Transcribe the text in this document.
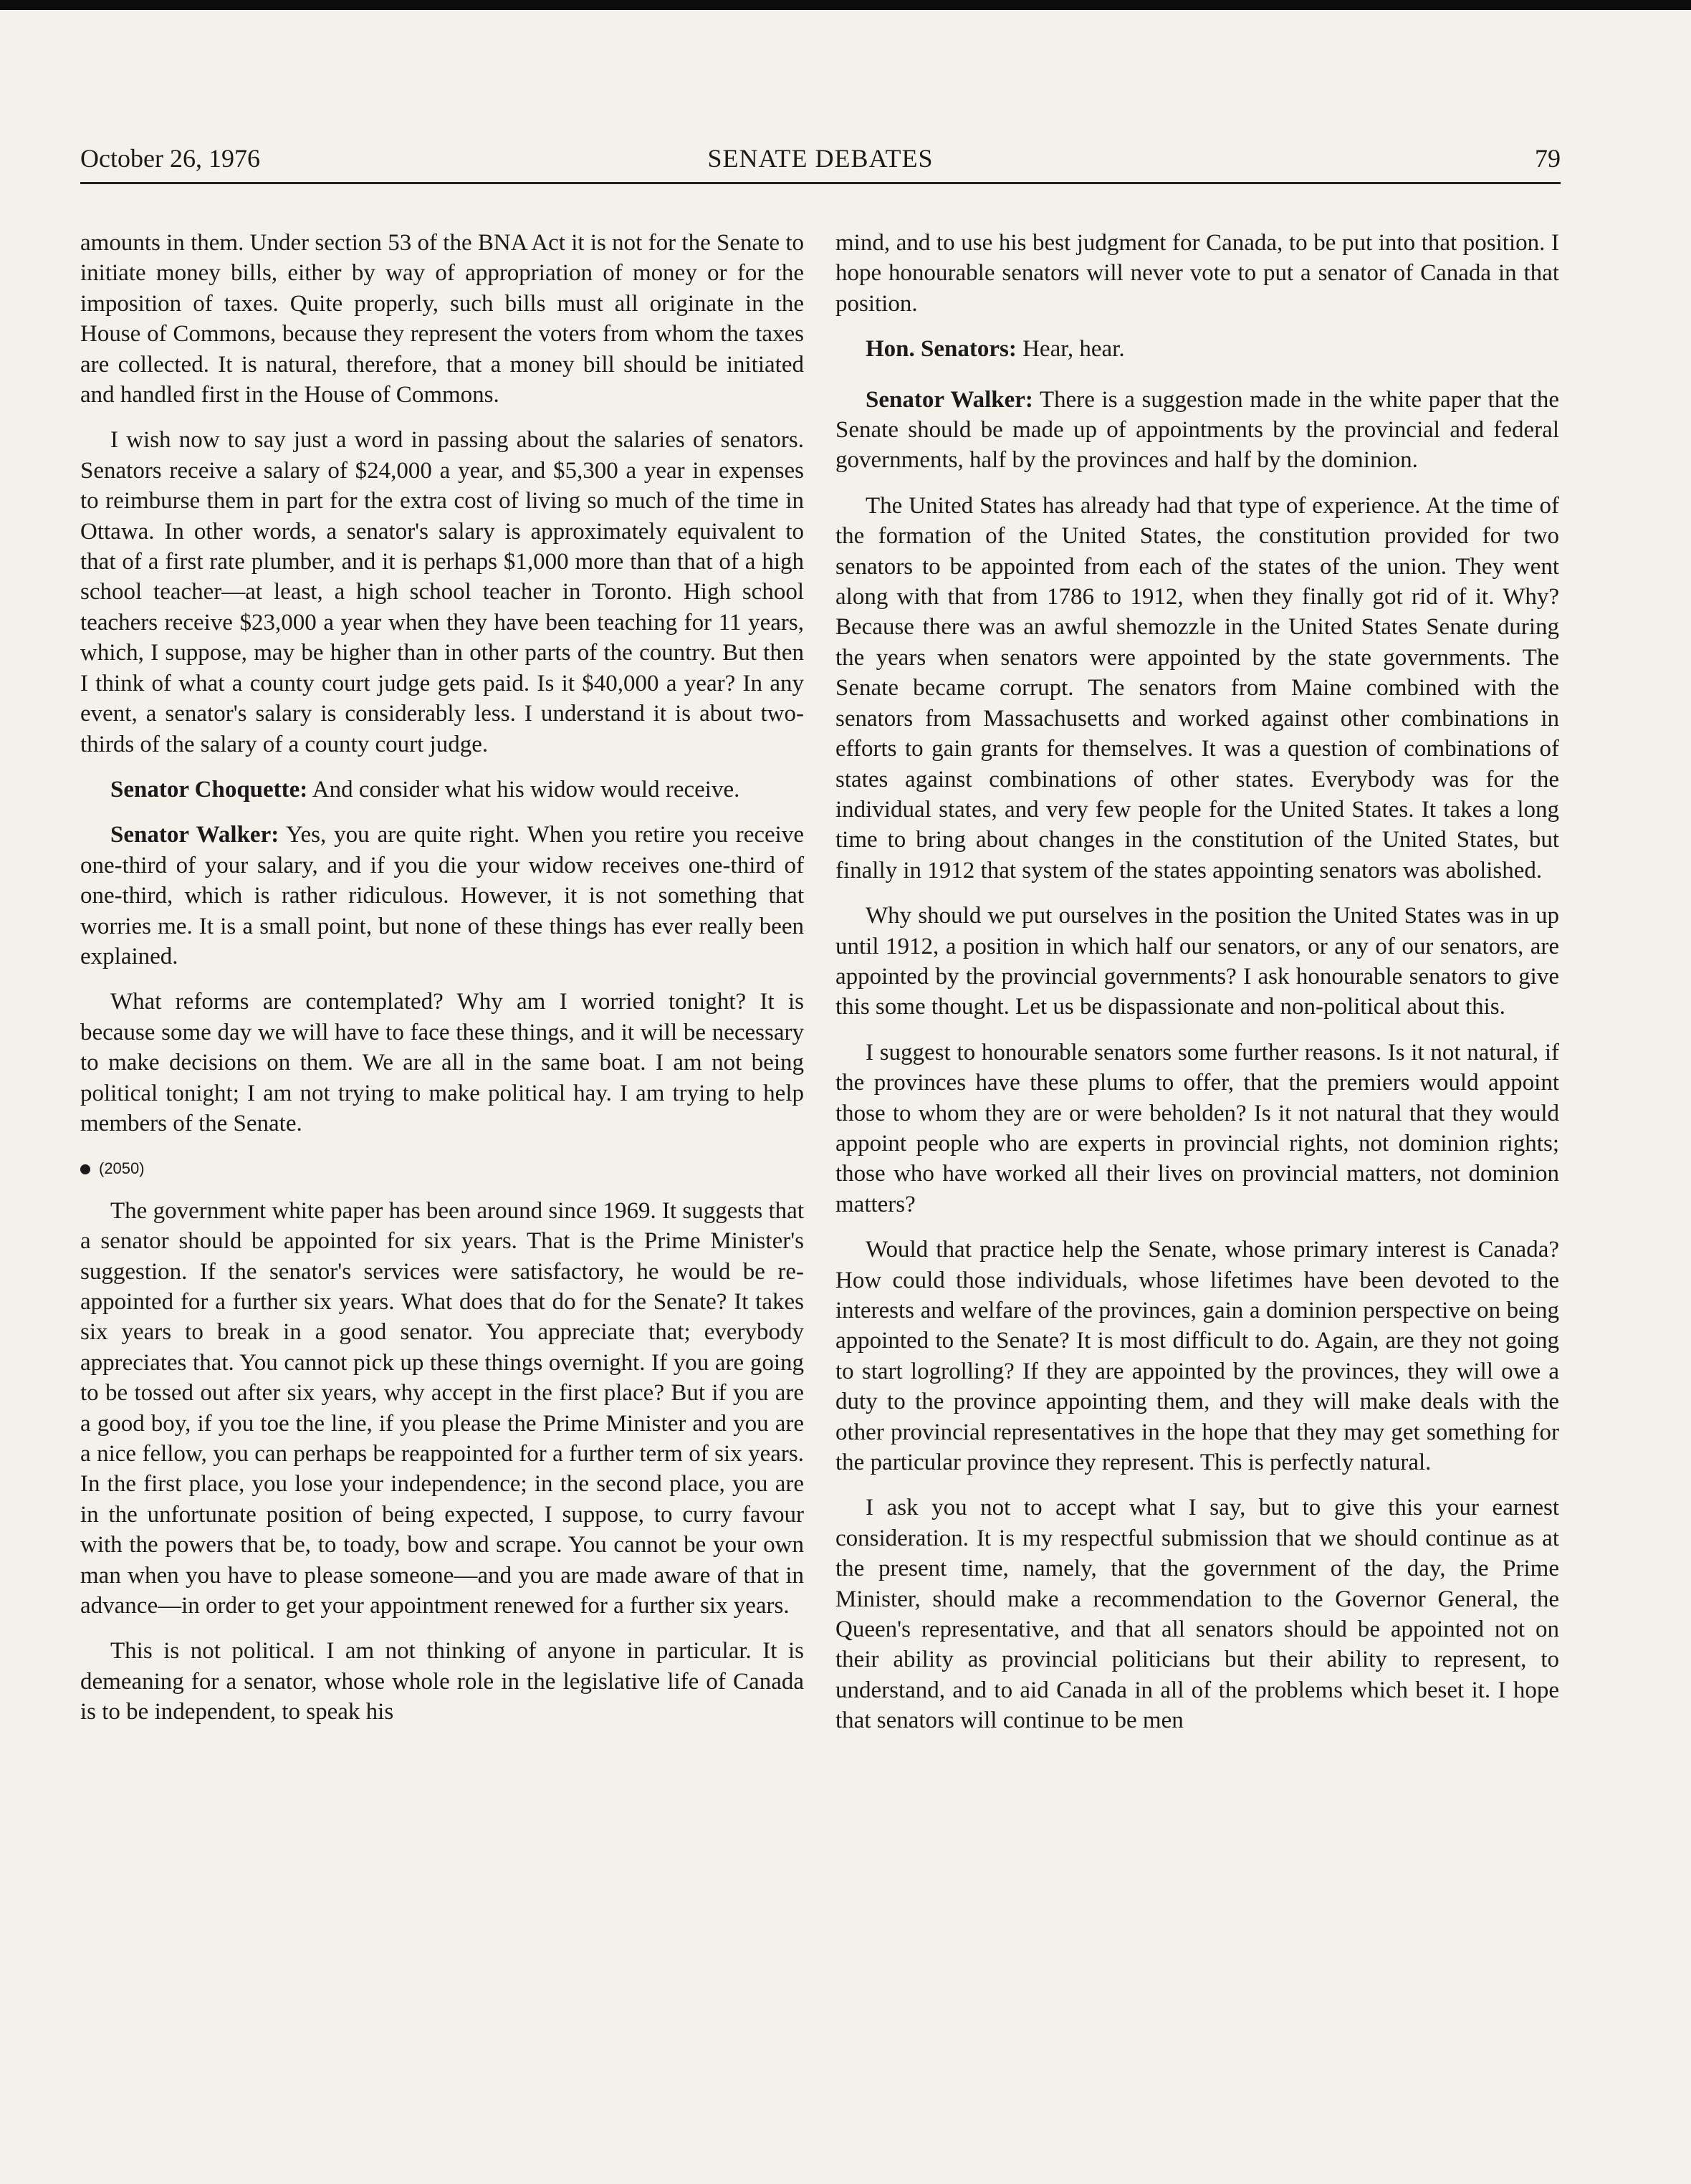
October 26, 1976	SENATE DEBATES	79

amounts in them. Under section 53 of the BNA Act it is not for the Senate to initiate money bills, either by way of appropriation of money or for the imposition of taxes. Quite properly, such bills must all originate in the House of Commons, because they represent the voters from whom the taxes are collected. It is natural, therefore, that a money bill should be initiated and handled first in the House of Commons.

I wish now to say just a word in passing about the salaries of senators. Senators receive a salary of $24,000 a year, and $5,300 a year in expenses to reimburse them in part for the extra cost of living so much of the time in Ottawa. In other words, a senator's salary is approximately equivalent to that of a first rate plumber, and it is perhaps $1,000 more than that of a high school teacher—at least, a high school teacher in Toronto. High school teachers receive $23,000 a year when they have been teaching for 11 years, which, I suppose, may be higher than in other parts of the country. But then I think of what a county court judge gets paid. Is it $40,000 a year? In any event, a senator's salary is considerably less. I understand it is about two-thirds of the salary of a county court judge.

Senator Choquette: And consider what his widow would receive.

Senator Walker: Yes, you are quite right. When you retire you receive one-third of your salary, and if you die your widow receives one-third of one-third, which is rather ridiculous. However, it is not something that worries me. It is a small point, but none of these things has ever really been explained.

What reforms are contemplated? Why am I worried tonight? It is because some day we will have to face these things, and it will be necessary to make decisions on them. We are all in the same boat. I am not being political tonight; I am not trying to make political hay. I am trying to help members of the Senate.

(2050)

The government white paper has been around since 1969. It suggests that a senator should be appointed for six years. That is the Prime Minister's suggestion. If the senator's services were satisfactory, he would be re-appointed for a further six years. What does that do for the Senate? It takes six years to break in a good senator. You appreciate that; everybody appreciates that. You cannot pick up these things overnight. If you are going to be tossed out after six years, why accept in the first place? But if you are a good boy, if you toe the line, if you please the Prime Minister and you are a nice fellow, you can perhaps be reappointed for a further term of six years. In the first place, you lose your independence; in the second place, you are in the unfortunate position of being expected, I suppose, to curry favour with the powers that be, to toady, bow and scrape. You cannot be your own man when you have to please someone—and you are made aware of that in advance—in order to get your appointment renewed for a further six years.

This is not political. I am not thinking of anyone in particular. It is demeaning for a senator, whose whole role in the legislative life of Canada is to be independent, to speak his

mind, and to use his best judgment for Canada, to be put into that position. I hope honourable senators will never vote to put a senator of Canada in that position.

Hon. Senators: Hear, hear.

Senator Walker: There is a suggestion made in the white paper that the Senate should be made up of appointments by the provincial and federal governments, half by the provinces and half by the dominion.

The United States has already had that type of experience. At the time of the formation of the United States, the constitution provided for two senators to be appointed from each of the states of the union. They went along with that from 1786 to 1912, when they finally got rid of it. Why? Because there was an awful shemozzle in the United States Senate during the years when senators were appointed by the state governments. The Senate became corrupt. The senators from Maine combined with the senators from Massachusetts and worked against other combinations in efforts to gain grants for themselves. It was a question of combinations of states against combinations of other states. Everybody was for the individual states, and very few people for the United States. It takes a long time to bring about changes in the constitution of the United States, but finally in 1912 that system of the states appointing senators was abolished.

Why should we put ourselves in the position the United States was in up until 1912, a position in which half our senators, or any of our senators, are appointed by the provincial governments? I ask honourable senators to give this some thought. Let us be dispassionate and non-political about this.

I suggest to honourable senators some further reasons. Is it not natural, if the provinces have these plums to offer, that the premiers would appoint those to whom they are or were beholden? Is it not natural that they would appoint people who are experts in provincial rights, not dominion rights; those who have worked all their lives on provincial matters, not dominion matters?

Would that practice help the Senate, whose primary interest is Canada? How could those individuals, whose lifetimes have been devoted to the interests and welfare of the provinces, gain a dominion perspective on being appointed to the Senate? It is most difficult to do. Again, are they not going to start logrolling? If they are appointed by the provinces, they will owe a duty to the province appointing them, and they will make deals with the other provincial representatives in the hope that they may get something for the particular province they represent. This is perfectly natural.

I ask you not to accept what I say, but to give this your earnest consideration. It is my respectful submission that we should continue as at the present time, namely, that the government of the day, the Prime Minister, should make a recommendation to the Governor General, the Queen's representative, and that all senators should be appointed not on their ability as provincial politicians but their ability to represent, to understand, and to aid Canada in all of the problems which beset it. I hope that senators will continue to be men
